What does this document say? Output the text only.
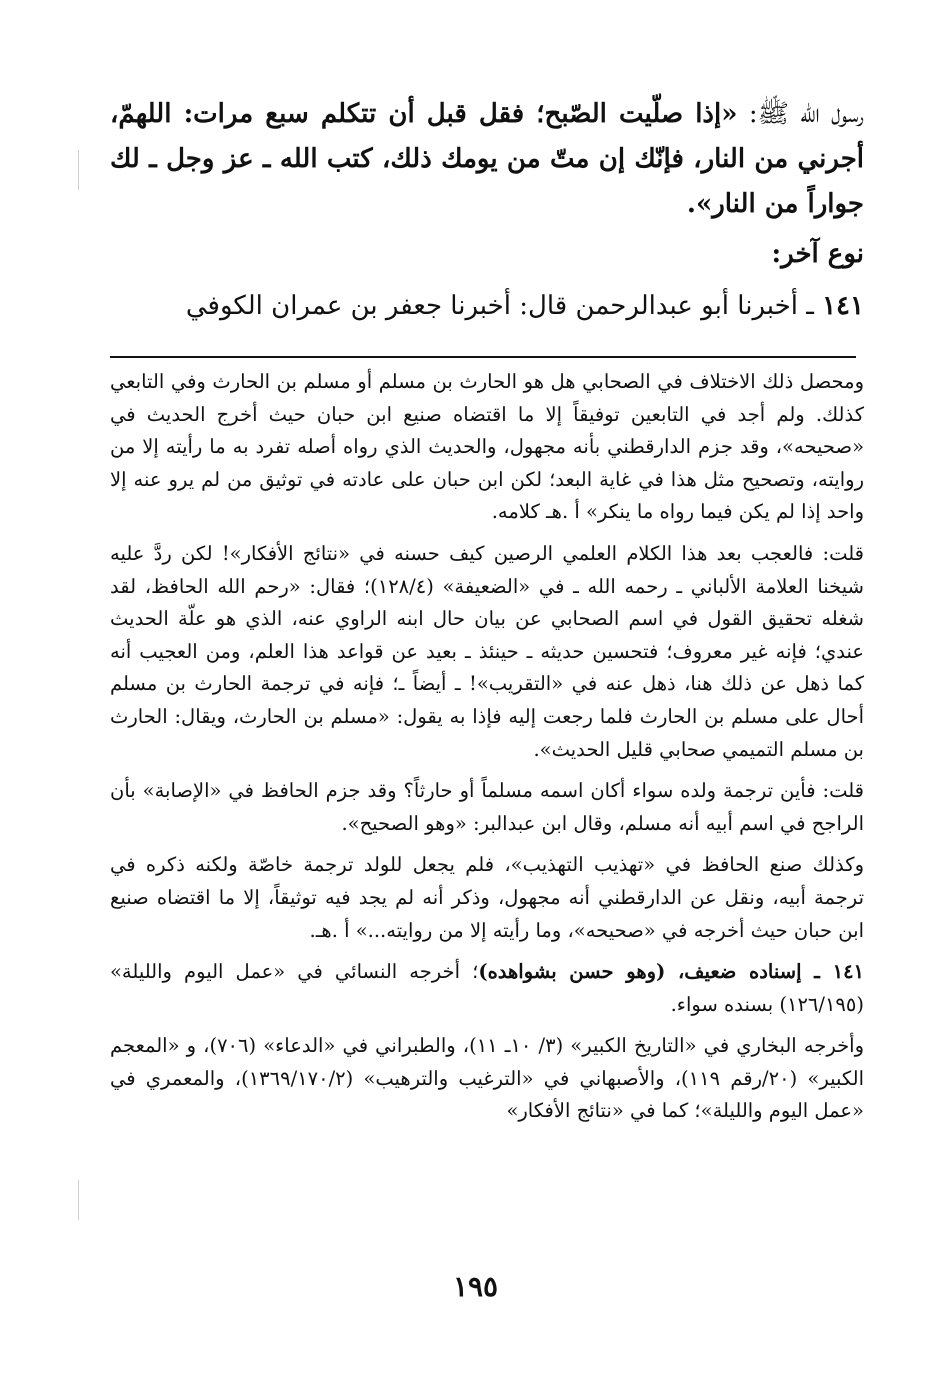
رسول الله ﷺ: «إذا صلّيت الصّبح؛ فقل قبل أن تتكلم سبع مرات: اللهمّ، أجرني من النار، فإنّك إن متّ من يومك ذلك، كتب الله ـ عز وجل ـ لك جواراً من النار».

نوع آخر:

١٤١ ـ أخبرنا أبو عبدالرحمن قال: أخبرنا جعفر بن عمران الكوفي

ومحصل ذلك الاختلاف في الصحابي هل هو الحارث بن مسلم أو مسلم بن الحارث وفي التابعي كذلك. ولم أجد في التابعين توفيقاً إلا ما اقتضاه صنيع ابن حبان حيث أخرج الحديث في «صحيحه»، وقد جزم الدارقطني بأنه مجهول، والحديث الذي رواه أصله تفرد به ما رأيته إلا من روايته، وتصحيح مثل هذا في غاية البعد؛ لكن ابن حبان على عادته في توثيق من لم يرو عنه إلا واحد إذا لم يكن فيما رواه ما ينكر» أ .هـ كلامه.

قلت: فالعجب بعد هذا الكلام العلمي الرصين كيف حسنه في «نتائج الأفكار»! لكن ردَّ عليه شيخنا العلامة الألباني ـ رحمه الله ـ في «الضعيفة» (١٢٨/٤)؛ فقال: «رحم الله الحافظ، لقد شغله تحقيق القول في اسم الصحابي عن بيان حال ابنه الراوي عنه، الذي هو علّة الحديث عندي؛ فإنه غير معروف؛ فتحسين حديثه ـ حينئذ ـ بعيد عن قواعد هذا العلم، ومن العجيب أنه كما ذهل عن ذلك هنا، ذهل عنه في «التقريب»! ـ أيضاً ـ؛ فإنه في ترجمة الحارث بن مسلم أحال على مسلم بن الحارث فلما رجعت إليه فإذا به يقول: «مسلم بن الحارث، ويقال: الحارث بن مسلم التميمي صحابي قليل الحديث».

قلت: فأين ترجمة ولده سواء أكان اسمه مسلماً أو حارثاً؟ وقد جزم الحافظ في «الإصابة» بأن الراجح في اسم أبيه أنه مسلم، وقال ابن عبدالبر: «وهو الصحيح».

وكذلك صنع الحافظ في «تهذيب التهذيب»، فلم يجعل للولد ترجمة خاصّة ولكنه ذكره في ترجمة أبيه، ونقل عن الدارقطني أنه مجهول، وذكر أنه لم يجد فيه توثيقاً، إلا ما اقتضاه صنيع ابن حبان حيث أخرجه في «صحيحه»، وما رأيته إلا من روايته...» أ .هـ.

١٤١ ـ إسناده ضعيف، (وهو حسن بشواهده)؛ أخرجه النسائي في «عمل اليوم والليلة» (١٢٦/١٩٥) بسنده سواء.

وأخرجه البخاري في «التاريخ الكبير» (٣/ ١٠ـ ١١)، والطبراني في «الدعاء» (٧٠٦)، و «المعجم الكبير» (٢٠/رقم ١١٩)، والأصبهاني في «الترغيب والترهيب» (١٣٦٩/١٧٠/٢)، والمعمري في «عمل اليوم والليلة»؛ كما في «نتائج الأفكار»

١٩٥
